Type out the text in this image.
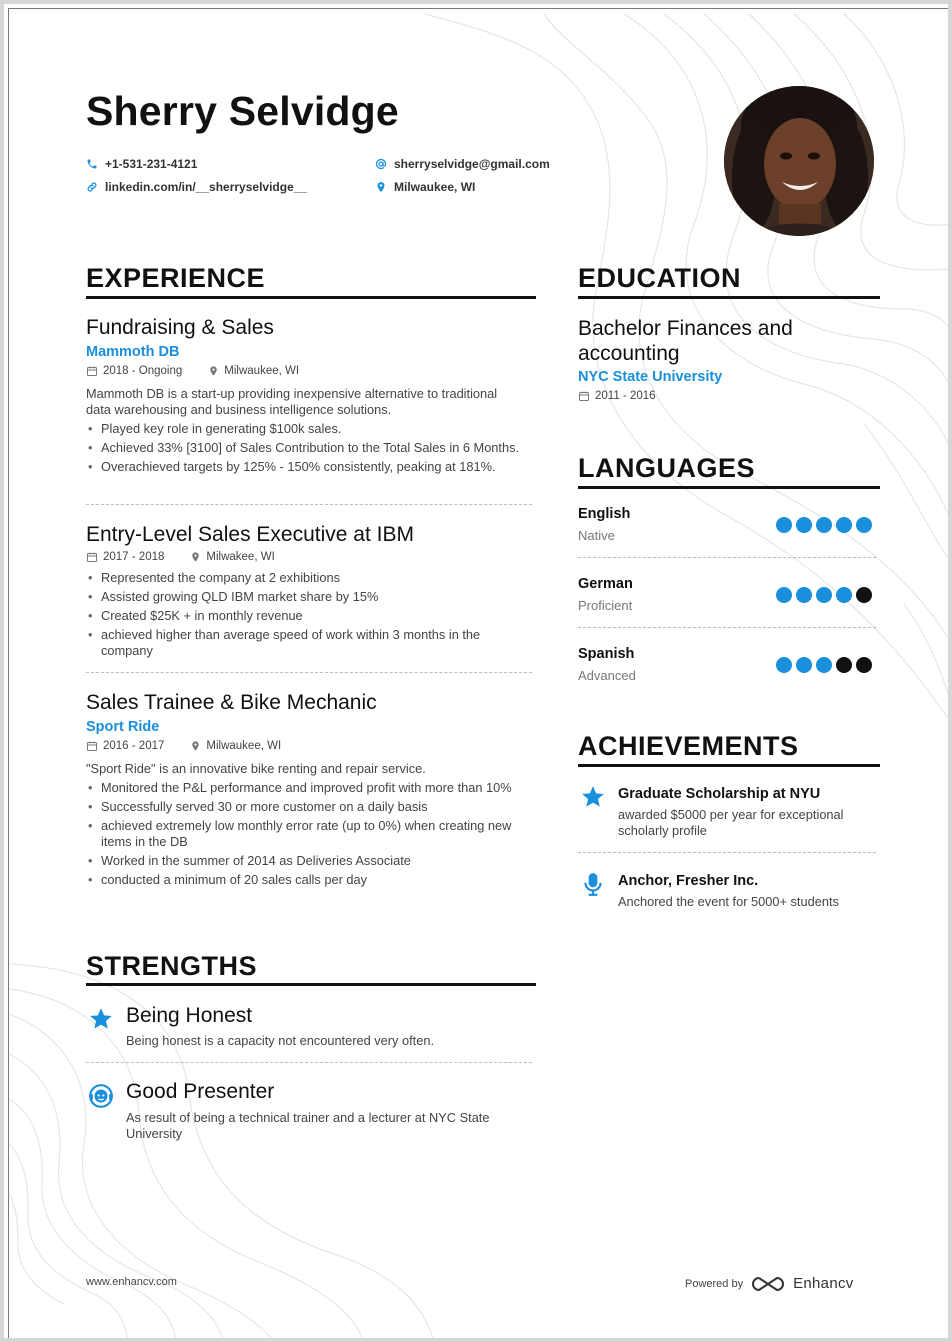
Sherry Selvidge
+1-531-231-4121	sherryselvidge@gmail.com
linkedin.com/in/__sherryselvidge__	Milwaukee, WI
EXPERIENCE
Fundraising & Sales
Mammoth DB
2018 - Ongoing	Milwaukee, WI
Mammoth DB is a start-up providing inexpensive alternative to traditional data warehousing and business intelligence solutions.
• Played key role in generating $100k sales.
• Achieved 33% [3100] of Sales Contribution to the Total Sales in 6 Months.
• Overachieved targets by 125% - 150% consistently, peaking at 181%.
Entry-Level Sales Executive at IBM
2017 - 2018	Milwakee, WI
• Represented the company at 2 exhibitions
• Assisted growing QLD IBM market share by 15%
• Created $25K + in monthly revenue
• achieved higher than average speed of work within 3 months in the company
Sales Trainee & Bike Mechanic
Sport Ride
2016 - 2017	Milwaukee, WI
"Sport Ride" is an innovative bike renting and repair service.
• Monitored the P&L performance and improved profit with more than 10%
• Successfully served 30 or more customer on a daily basis
• achieved extremely low monthly error rate (up to 0%) when creating new items in the DB
• Worked in the summer of 2014 as Deliveries Associate
• conducted a minimum of 20 sales calls per day
STRENGTHS
Being Honest
Being honest is a capacity not encountered very often.
Good Presenter
As result of being a technical trainer and a lecturer at NYC State University
EDUCATION
Bachelor Finances and accounting
NYC State University
2011 - 2016
LANGUAGES
English
Native
German
Proficient
Spanish
Advanced
ACHIEVEMENTS
Graduate Scholarship at NYU
awarded $5000 per year for exceptional scholarly profile
Anchor, Fresher Inc.
Anchored the event for 5000+ students
www.enhancv.com	Powered by	Enhancv
